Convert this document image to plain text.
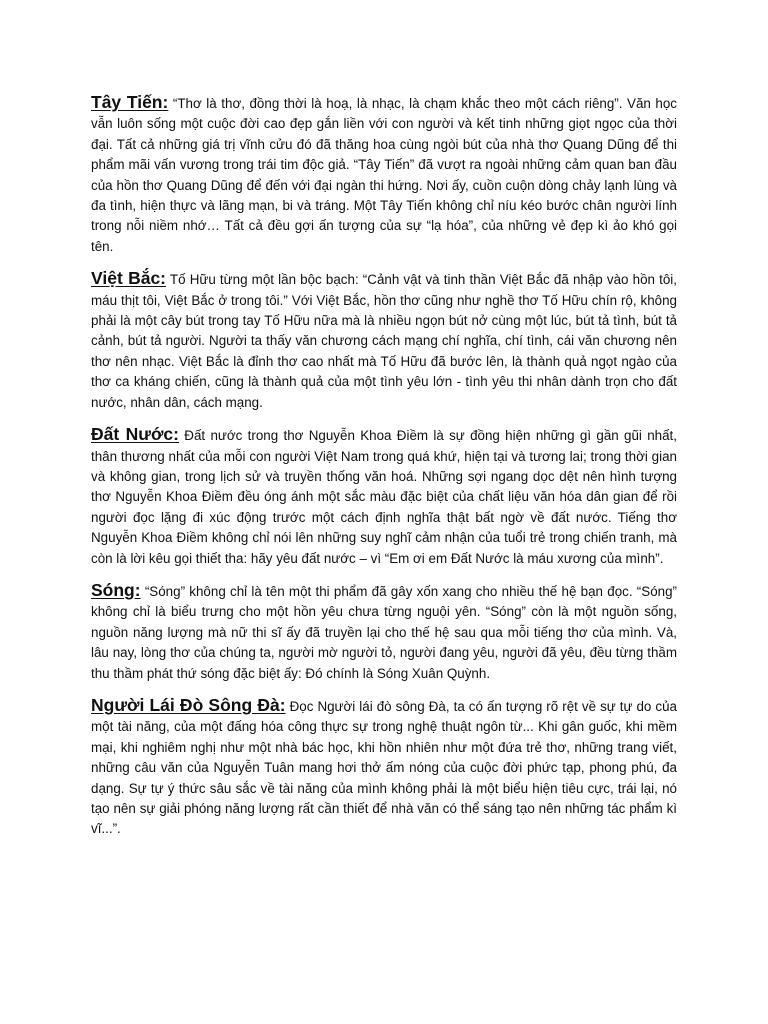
Tây Tiến: “Thơ là thơ, đồng thời là hoạ, là nhạc, là chạm khắc theo một cách riêng”. Văn học vẫn luôn sống một cuộc đời cao đẹp gắn liền với con người và kết tinh những giọt ngọc của thời đại. Tất cả những giá trị vĩnh cửu đó đã thăng hoa cùng ngòi bút của nhà thơ Quang Dũng để thi phẩm mãi vấn vương trong trái tim độc giả. “Tây Tiến” đã vượt ra ngoài những cảm quan ban đầu của hồn thơ Quang Dũng để đến với đại ngàn thi hứng. Nơi ấy, cuồn cuộn dòng chảy lạnh lùng và đa tình, hiện thực và lãng mạn, bi và tráng. Một Tây Tiến không chỉ níu kéo bước chân người lính trong nỗi niềm nhớ… Tất cả đều gợi ấn tượng của sự “lạ hóa”, của những vẻ đẹp kì ảo khó gọi tên.

Việt Bắc: Tố Hữu từng một lần bộc bạch: “Cảnh vật và tinh thần Việt Bắc đã nhập vào hồn tôi, máu thịt tôi, Việt Bắc ở trong tôi.” Với Việt Bắc, hồn thơ cũng như nghề thơ Tố Hữu chín rộ, không phải là một cây bút trong tay Tố Hữu nữa mà là nhiều ngọn bút nở cùng một lúc, bút tả tình, bút tả cảnh, bút tả người. Người ta thấy văn chương cách mạng chí nghĩa, chí tình, cái văn chương nên thơ nên nhạc. Việt Bắc là đỉnh thơ cao nhất mà Tố Hữu đã bước lên, là thành quả ngọt ngào của thơ ca kháng chiến, cũng là thành quả của một tình yêu lớn - tình yêu thi nhân dành trọn cho đất nước, nhân dân, cách mạng.

Đất Nước: Đất nước trong thơ Nguyễn Khoa Điềm là sự đồng hiện những gì gần gũi nhất, thân thương nhất của mỗi con người Việt Nam trong quá khứ, hiện tại và tương lai; trong thời gian và không gian, trong lịch sử và truyền thống văn hoá. Những sợi ngang dọc dệt nên hình tượng thơ Nguyễn Khoa Điềm đều óng ánh một sắc màu đặc biệt của chất liệu văn hóa dân gian để rồi người đọc lặng đi xúc động trước một cách định nghĩa thật bất ngờ về đất nước. Tiếng thơ Nguyễn Khoa Điềm không chỉ nói lên những suy nghĩ cảm nhận của tuổi trẻ trong chiến tranh, mà còn là lời kêu gọi thiết tha: hãy yêu đất nước – vì “Em ơi em Đất Nước là máu xương của mình”.

Sóng: “Sóng” không chỉ là tên một thi phẩm đã gây xốn xang cho nhiều thế hệ bạn đọc. “Sóng” không chỉ là biểu trưng cho một hồn yêu chưa từng nguội yên. “Sóng” còn là một nguồn sống, nguồn năng lượng mà nữ thi sĩ ấy đã truyền lại cho thế hệ sau qua mỗi tiếng thơ của mình. Và, lâu nay, lòng thơ của chúng ta, người mờ người tỏ, người đang yêu, người đã yêu, đều từng thầm thu thầm phát thứ sóng đặc biệt ấy: Đó chính là Sóng Xuân Quỳnh.

Người Lái Đò Sông Đà: Đọc Người lái đò sông Đà, ta có ấn tượng rõ rệt về sự tự do của một tài năng, của một đấng hóa công thực sự trong nghệ thuật ngôn từ... Khi gân guốc, khi mềm mại, khi nghiêm nghị như một nhà bác học, khi hồn nhiên như một đứa trẻ thơ, những trang viết, những câu văn của Nguyễn Tuân mang hơi thở ấm nóng của cuộc đời phức tạp, phong phú, đa dạng. Sự tự ý thức sâu sắc về tài năng của mình không phải là một biểu hiện tiêu cực, trái lại, nó tạo nên sự giải phóng năng lượng rất cần thiết để nhà văn có thể sáng tạo nên những tác phẩm kì vĩ...”.
